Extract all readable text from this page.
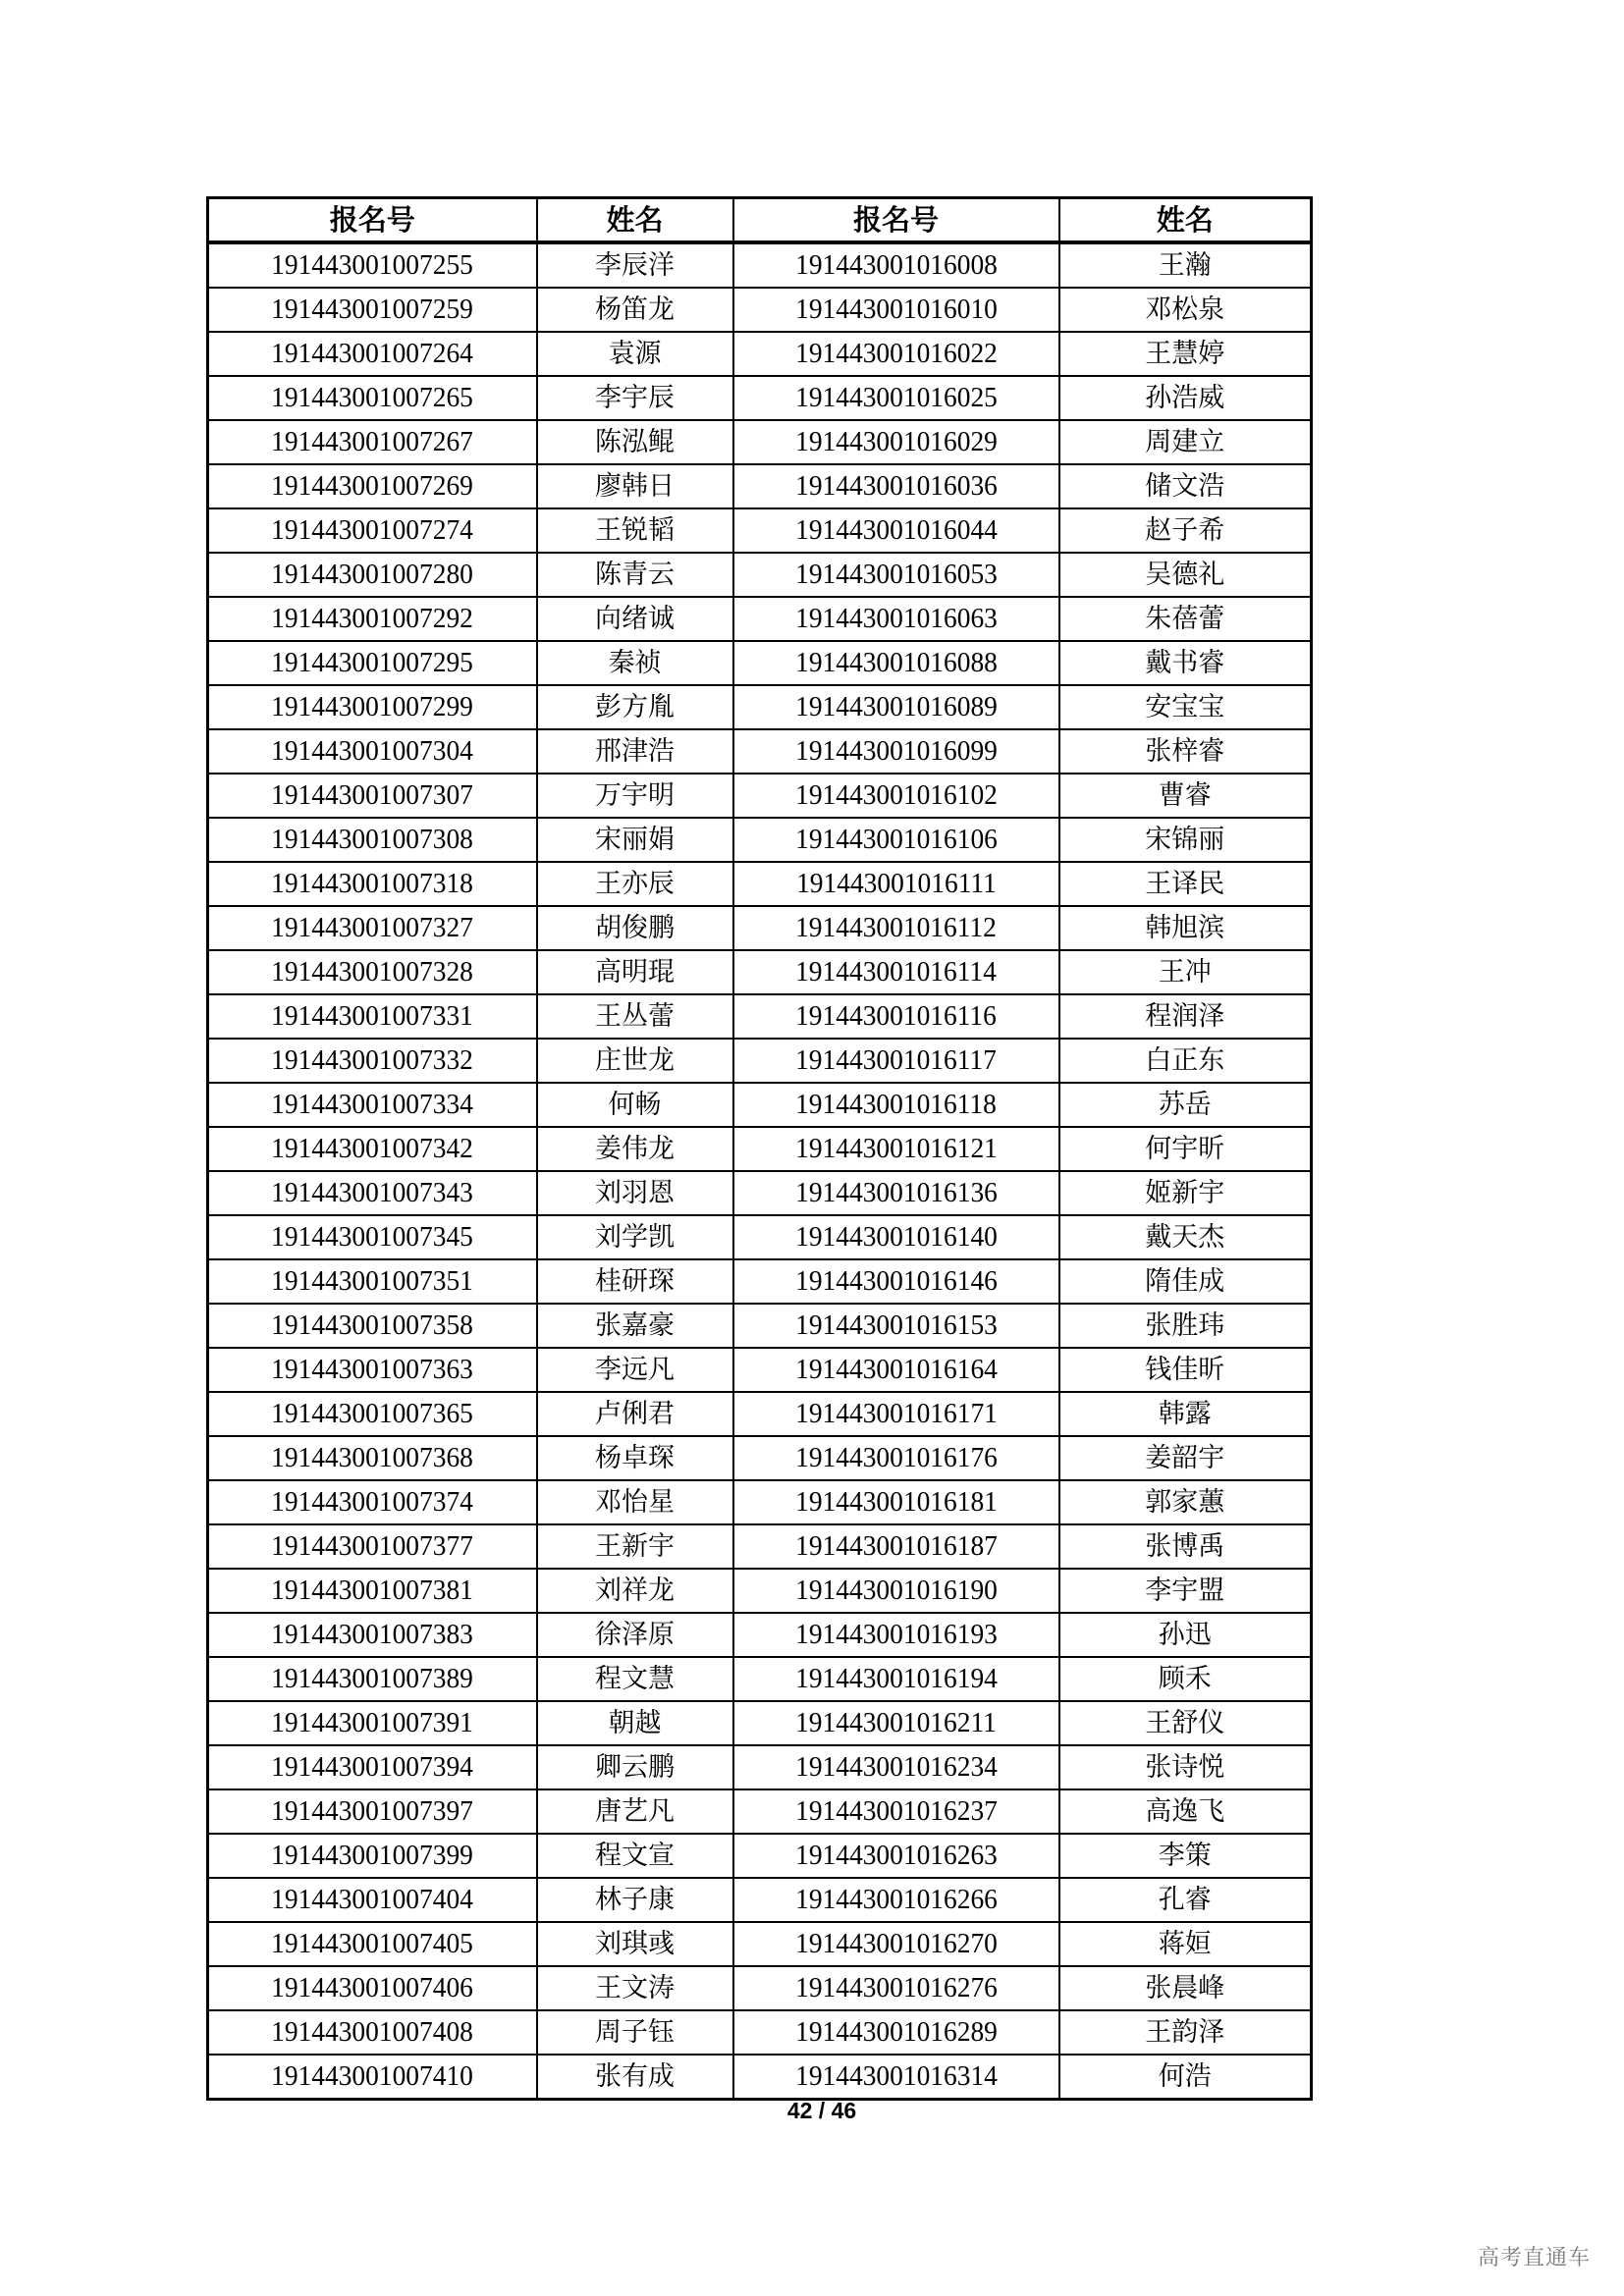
报名号	姓名	报名号	姓名
191443001007255	李辰洋	191443001016008	王瀚
191443001007259	杨笛龙	191443001016010	邓松泉
191443001007264	袁源	191443001016022	王慧婷
191443001007265	李宇辰	191443001016025	孙浩威
191443001007267	陈泓鲲	191443001016029	周建立
191443001007269	廖韩日	191443001016036	储文浩
191443001007274	王锐韬	191443001016044	赵子希
191443001007280	陈青云	191443001016053	吴德礼
191443001007292	向绪诚	191443001016063	朱蓓蕾
191443001007295	秦祯	191443001016088	戴书睿
191443001007299	彭方胤	191443001016089	安宝宝
191443001007304	邢津浩	191443001016099	张梓睿
191443001007307	万宇明	191443001016102	曹睿
191443001007308	宋丽娟	191443001016106	宋锦丽
191443001007318	王亦辰	191443001016111	王译民
191443001007327	胡俊鹏	191443001016112	韩旭滨
191443001007328	高明琨	191443001016114	王冲
191443001007331	王丛蕾	191443001016116	程润泽
191443001007332	庄世龙	191443001016117	白正东
191443001007334	何畅	191443001016118	苏岳
191443001007342	姜伟龙	191443001016121	何宇昕
191443001007343	刘羽恩	191443001016136	姬新宇
191443001007345	刘学凯	191443001016140	戴天杰
191443001007351	桂研琛	191443001016146	隋佳成
191443001007358	张嘉豪	191443001016153	张胜玮
191443001007363	李远凡	191443001016164	钱佳昕
191443001007365	卢俐君	191443001016171	韩露
191443001007368	杨卓琛	191443001016176	姜韶宇
191443001007374	邓怡星	191443001016181	郭家蕙
191443001007377	王新宇	191443001016187	张博禹
191443001007381	刘祥龙	191443001016190	李宇盟
191443001007383	徐泽原	191443001016193	孙迅
191443001007389	程文慧	191443001016194	顾禾
191443001007391	朝越	191443001016211	王舒仪
191443001007394	卿云鹏	191443001016234	张诗悦
191443001007397	唐艺凡	191443001016237	高逸飞
191443001007399	程文宣	191443001016263	李策
191443001007404	林子康	191443001016266	孔睿
191443001007405	刘琪彧	191443001016270	蒋姮
191443001007406	王文涛	191443001016276	张晨峰
191443001007408	周子钰	191443001016289	王韵泽
191443001007410	张有成	191443001016314	何浩
42 / 46
高考直通车
